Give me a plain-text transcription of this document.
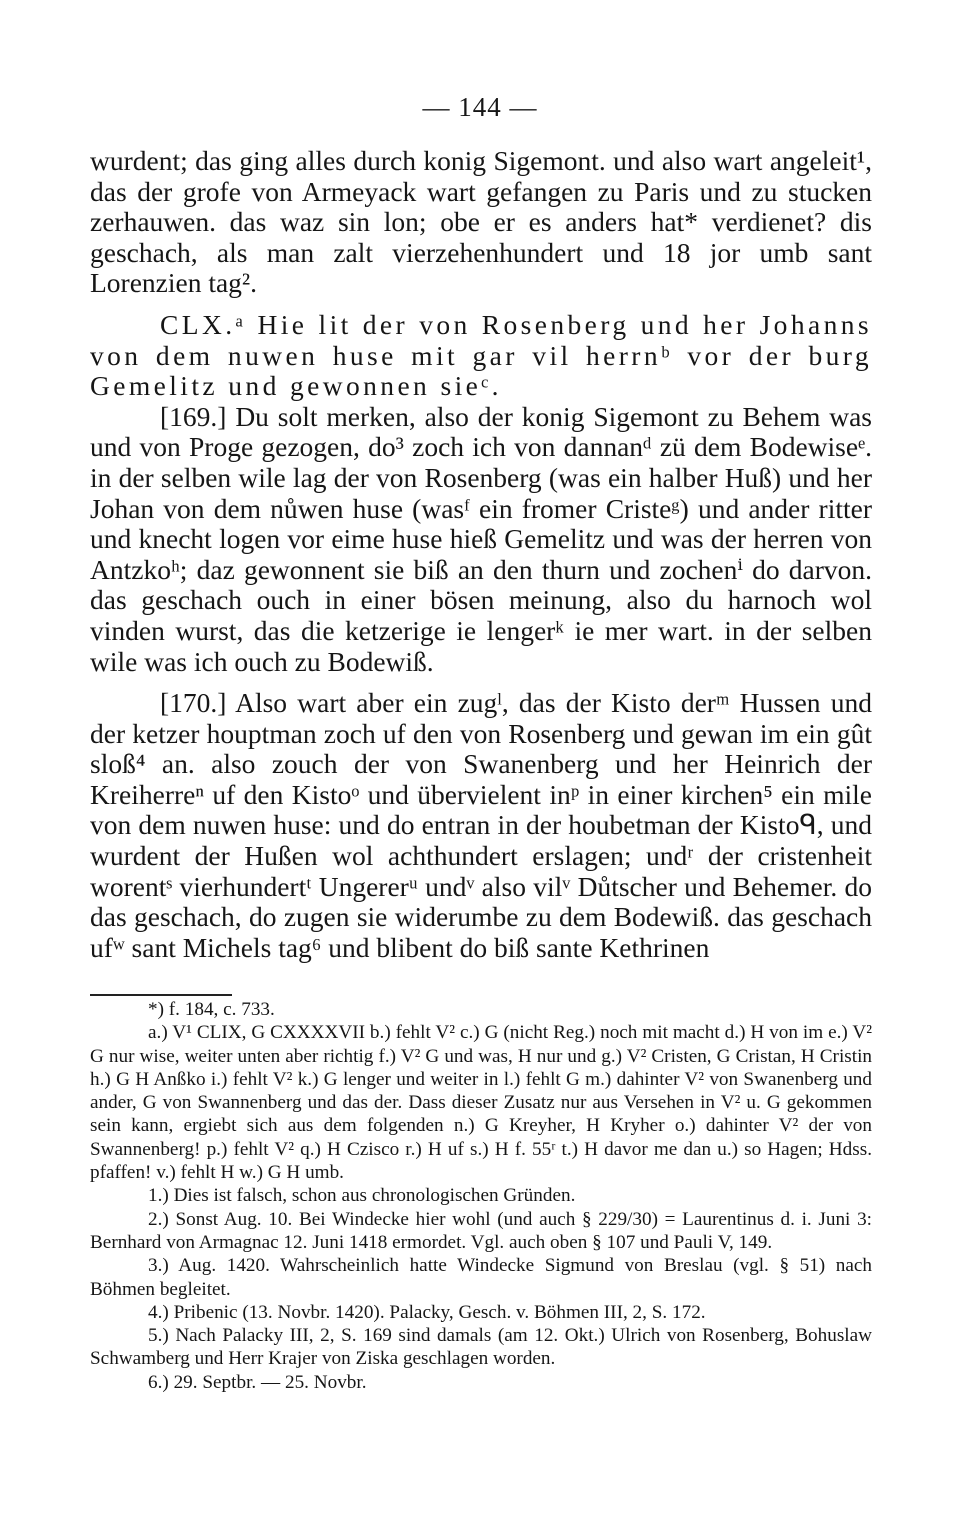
— 144 —

wurdent; das ging alles durch konig Sigemont. und also wart angeleit¹, das der grofe von Armeyack wart gefangen zu Paris und zu stucken zerhauwen. das waz sin lon; obe er es anders hat* verdienet? dis geschach, als man zalt vierzehenhundert und 18 jor umb sant Lorenzien tag².

CLX.ᵃ Hie lit der von Rosenberg und her Johanns von dem nuwen huse mit gar vil herrnᵇ vor der burg Gemelitz und gewonnen sieᶜ.

[169.] Du solt merken, also der konig Sigemont zu Behem was und von Proge gezogen, do³ zoch ich von dannanᵈ zü dem Bodewiseᵉ. in der selben wile lag der von Rosenberg (was ein halber Huß) und her Johan von dem nůwen huse (wasᶠ ein fromer Cristeᵍ) und ander ritter und knecht logen vor eime huse hieß Gemelitz und was der herren von Antzkoʰ; daz gewonnent sie biß an den thurn und zochenⁱ do darvon. das geschach ouch in einer bösen meinung, also du harnoch wol vinden wurst, das die ketzerige ie lengerᵏ ie mer wart. in der selben wile was ich ouch zu Bodewiß.

[170.] Also wart aber ein zugˡ, das der Kisto derᵐ Hussen und der ketzer houptman zoch uf den von Rosenberg und gewan im ein gût sloß⁴ an. also zouch der von Swanenberg und her Heinrich der Kreiherreⁿ uf den Kistoᵒ und übervielent inᵖ in einer kirchen⁵ ein mile von dem nuwen huse: und do entran in der houbetman der Kistoᑫ, und wurdent der Hußen wol achthundert erslagen; undʳ der cristenheit worentˢ vierhundertᵗ Ungererᵘ undᵛ also vilᵛ Důtscher und Behemer. do das geschach, do zugen sie widerumbe zu dem Bodewiß. das geschach ufʷ sant Michels tag⁶ und blibent do biß sante Kethrinen

*) f. 184, c. 733.

a.) V¹ CLIX, G CXXXXVII b.) fehlt V² c.) G (nicht Reg.) noch mit macht d.) H von im e.) V² G nur wise, weiter unten aber richtig f.) V² G und was, H nur und g.) V² Cristen, G Cristan, H Cristin h.) G H Anßko i.) fehlt V² k.) G lenger und weiter in l.) fehlt G m.) dahinter V² von Swanenberg und ander, G von Swannenberg und das der. Dass dieser Zusatz nur aus Versehen in V² u. G gekommen sein kann, ergiebt sich aus dem folgenden n.) G Kreyher, H Kryher o.) dahinter V² der von Swannenberg! p.) fehlt V² q.) H Czisco r.) H uf s.) H f. 55ʳ t.) H davor me dan u.) so Hagen; Hdss. pfaffen! v.) fehlt H w.) G H umb.

1.) Dies ist falsch, schon aus chronologischen Gründen.

2.) Sonst Aug. 10. Bei Windecke hier wohl (und auch § 229/30) = Laurentinus d. i. Juni 3: Bernhard von Armagnac 12. Juni 1418 ermordet. Vgl. auch oben § 107 und Pauli V, 149.

3.) Aug. 1420. Wahrscheinlich hatte Windecke Sigmund von Breslau (vgl. § 51) nach Böhmen begleitet.

4.) Pribenic (13. Novbr. 1420). Palacky, Gesch. v. Böhmen III, 2, S. 172.

5.) Nach Palacky III, 2, S. 169 sind damals (am 12. Okt.) Ulrich von Rosenberg, Bohuslaw Schwamberg und Herr Krajer von Ziska geschlagen worden.

6.) 29. Septbr. — 25. Novbr.
